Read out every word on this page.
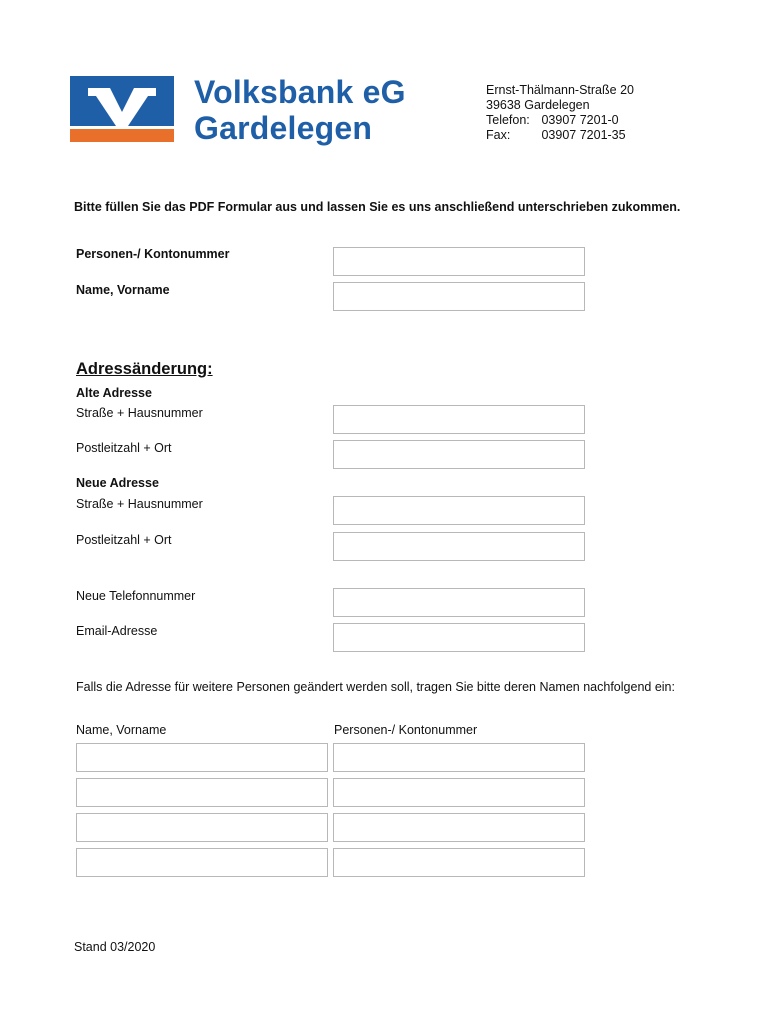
Volksbank eG
Gardelegen
Ernst-Thälmann-Straße 20
39638 Gardelegen
Telefon: 03907 7201-0
Fax: 03907 7201-35
Bitte füllen Sie das PDF Formular aus und lassen Sie es uns anschließend unterschrieben zukommen.
Personen-/ Kontonummer
Name, Vorname
Adressänderung:
Alte Adresse
Straße + Hausnummer
Postleitzahl + Ort
Neue Adresse
Straße + Hausnummer
Postleitzahl + Ort
Neue Telefonnummer
Email-Adresse
Falls die Adresse für weitere Personen geändert werden soll, tragen Sie bitte deren Namen nachfolgend ein:
Name, Vorname	Personen-/ Kontonummer
Stand 03/2020
